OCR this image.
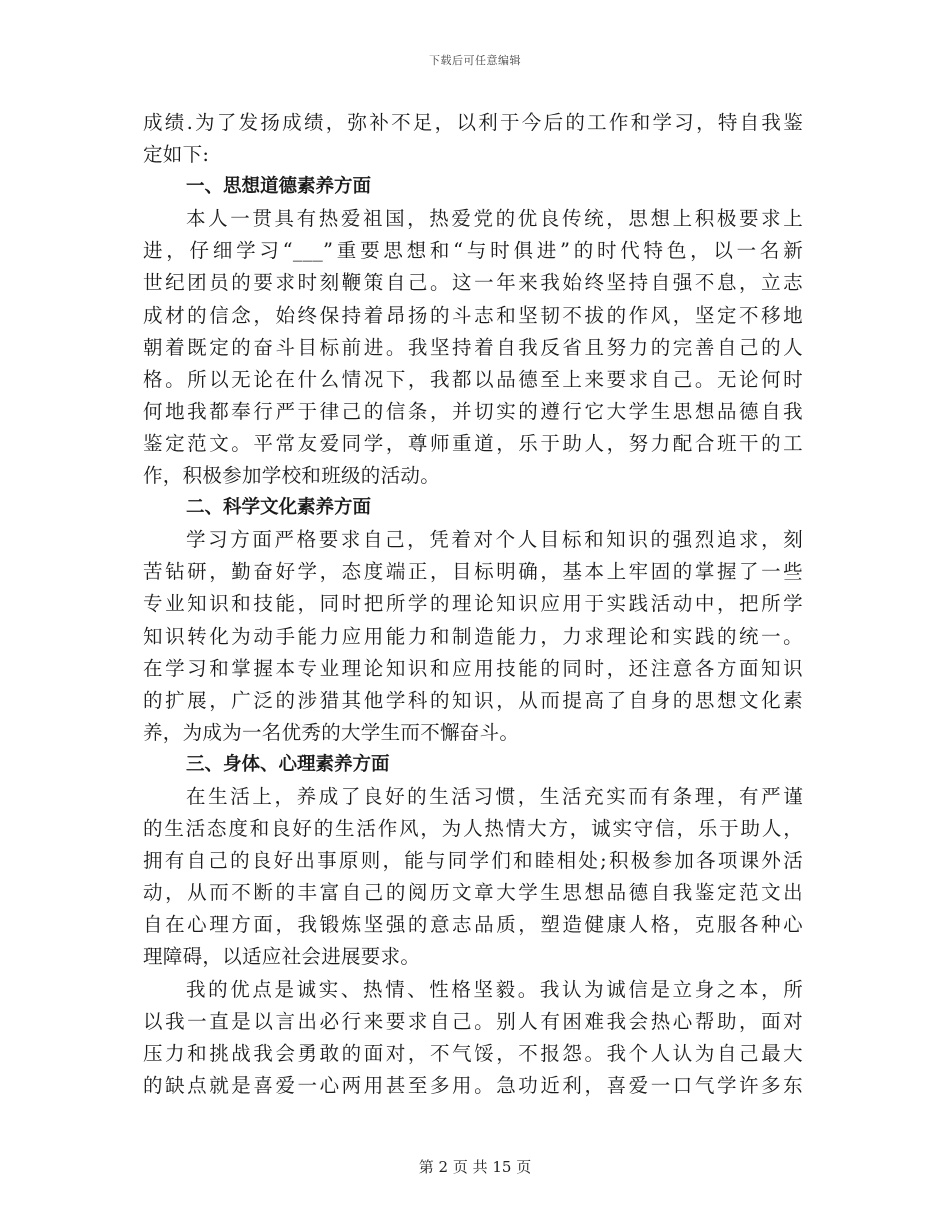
下载后可任意编辑
成绩.为了发扬成绩，弥补不足，以利于今后的工作和学习，特自我鉴
定如下:
一、思想道德素养方面
本人一贯具有热爱祖国，热爱党的优良传统，思想上积极要求上
进，仔细学习“___”重要思想和“与时俱进”的时代特色，以一名新
世纪团员的要求时刻鞭策自己。这一年来我始终坚持自强不息，立志
成材的信念，始终保持着昂扬的斗志和坚韧不拔的作风，坚定不移地
朝着既定的奋斗目标前进。我坚持着自我反省且努力的完善自己的人
格。所以无论在什么情况下，我都以品德至上来要求自己。无论何时
何地我都奉行严于律己的信条，并切实的遵行它大学生思想品德自我
鉴定范文。平常友爱同学，尊师重道，乐于助人，努力配合班干的工
作，积极参加学校和班级的活动。
二、科学文化素养方面
学习方面严格要求自己，凭着对个人目标和知识的强烈追求，刻
苦钻研，勤奋好学，态度端正，目标明确，基本上牢固的掌握了一些
专业知识和技能，同时把所学的理论知识应用于实践活动中，把所学
知识转化为动手能力应用能力和制造能力，力求理论和实践的统一。
在学习和掌握本专业理论知识和应用技能的同时，还注意各方面知识
的扩展，广泛的涉猎其他学科的知识，从而提高了自身的思想文化素
养，为成为一名优秀的大学生而不懈奋斗。
三、身体、心理素养方面
在生活上，养成了良好的生活习惯，生活充实而有条理，有严谨
的生活态度和良好的生活作风，为人热情大方，诚实守信，乐于助人，
拥有自己的良好出事原则，能与同学们和睦相处;积极参加各项课外活
动，从而不断的丰富自己的阅历文章大学生思想品德自我鉴定范文出
自在心理方面，我锻炼坚强的意志品质，塑造健康人格，克服各种心
理障碍，以适应社会进展要求。
我的优点是诚实、热情、性格坚毅。我认为诚信是立身之本，所
以我一直是以言出必行来要求自己。别人有困难我会热心帮助，面对
压力和挑战我会勇敢的面对，不气馁，不报怨。我个人认为自己最大
的缺点就是喜爱一心两用甚至多用。急功近利，喜爱一口气学许多东
第 2 页 共 15 页
